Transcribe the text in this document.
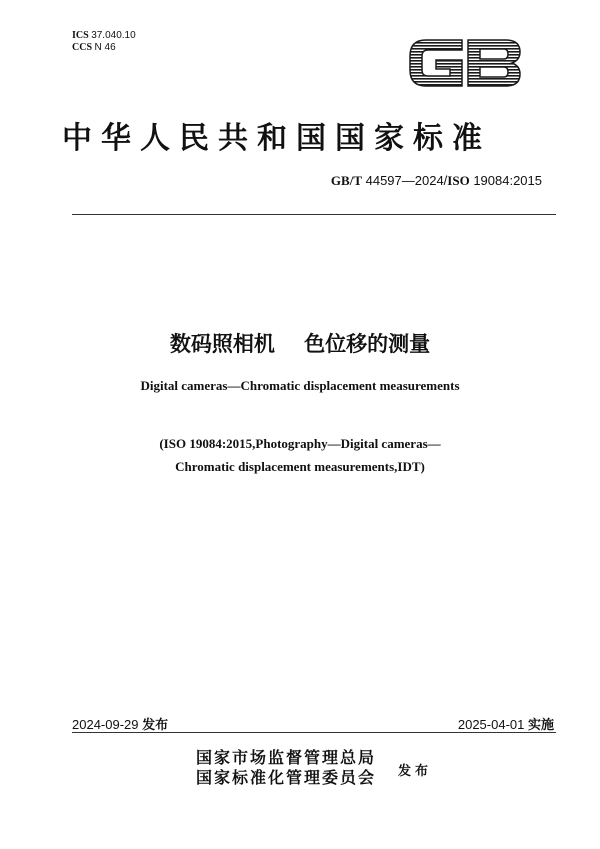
ICS 37.040.10
CCS N 46
中华人民共和国国家标准
GB/T 44597—2024/ISO 19084:2015
数码照相机    色位移的测量
Digital cameras—Chromatic displacement measurements
(ISO 19084:2015,Photography—Digital cameras—
Chromatic displacement measurements,IDT)
2024-09-29 发布	2025-04-01 实施
国家市场监督管理总局
国家标准化管理委员会 发布
